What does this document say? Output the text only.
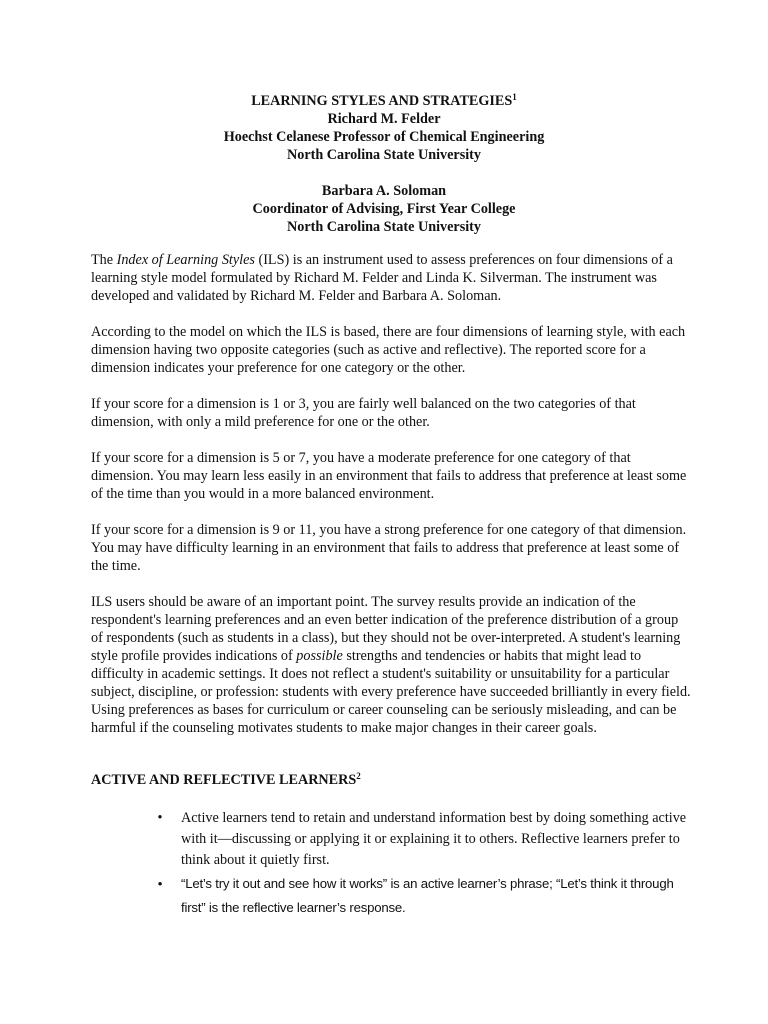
LEARNING STYLES AND STRATEGIES$^1$
Richard M. Felder
Hoechst Celanese Professor of Chemical Engineering
North Carolina State University
Barbara A. Soloman
Coordinator of Advising, First Year College
North Carolina State University

The Index of Learning Styles (ILS) is an instrument used to assess preferences on four dimensions of a learning style model formulated by Richard M. Felder and Linda K. Silverman. The instrument was developed and validated by Richard M. Felder and Barbara A. Soloman.

According to the model on which the ILS is based, there are four dimensions of learning style, with each dimension having two opposite categories (such as active and reflective). The reported score for a dimension indicates your preference for one category or the other.

If your score for a dimension is 1 or 3, you are fairly well balanced on the two categories of that dimension, with only a mild preference for one or the other.

If your score for a dimension is 5 or 7, you have a moderate preference for one category of that dimension. You may learn less easily in an environment that fails to address that preference at least some of the time than you would in a more balanced environment.

If your score for a dimension is 9 or 11, you have a strong preference for one category of that dimension. You may have difficulty learning in an environment that fails to address that preference at least some of the time.

ILS users should be aware of an important point. The survey results provide an indication of the respondent's learning preferences and an even better indication of the preference distribution of a group of respondents (such as students in a class), but they should not be over-interpreted. A student's learning style profile provides indications of possible strengths and tendencies or habits that might lead to difficulty in academic settings. It does not reflect a student's suitability or unsuitability for a particular subject, discipline, or profession: students with every preference have succeeded brilliantly in every field. Using preferences as bases for curriculum or career counseling can be seriously misleading, and can be harmful if the counseling motivates students to make major changes in their career goals.

ACTIVE AND REFLECTIVE LEARNERS$^2$
• Active learners tend to retain and understand information best by doing something active with it—discussing or applying it or explaining it to others. Reflective learners prefer to think about it quietly first.
• “Let’s try it out and see how it works” is an active learner’s phrase; “Let’s think it through first” is the reflective learner’s response.
